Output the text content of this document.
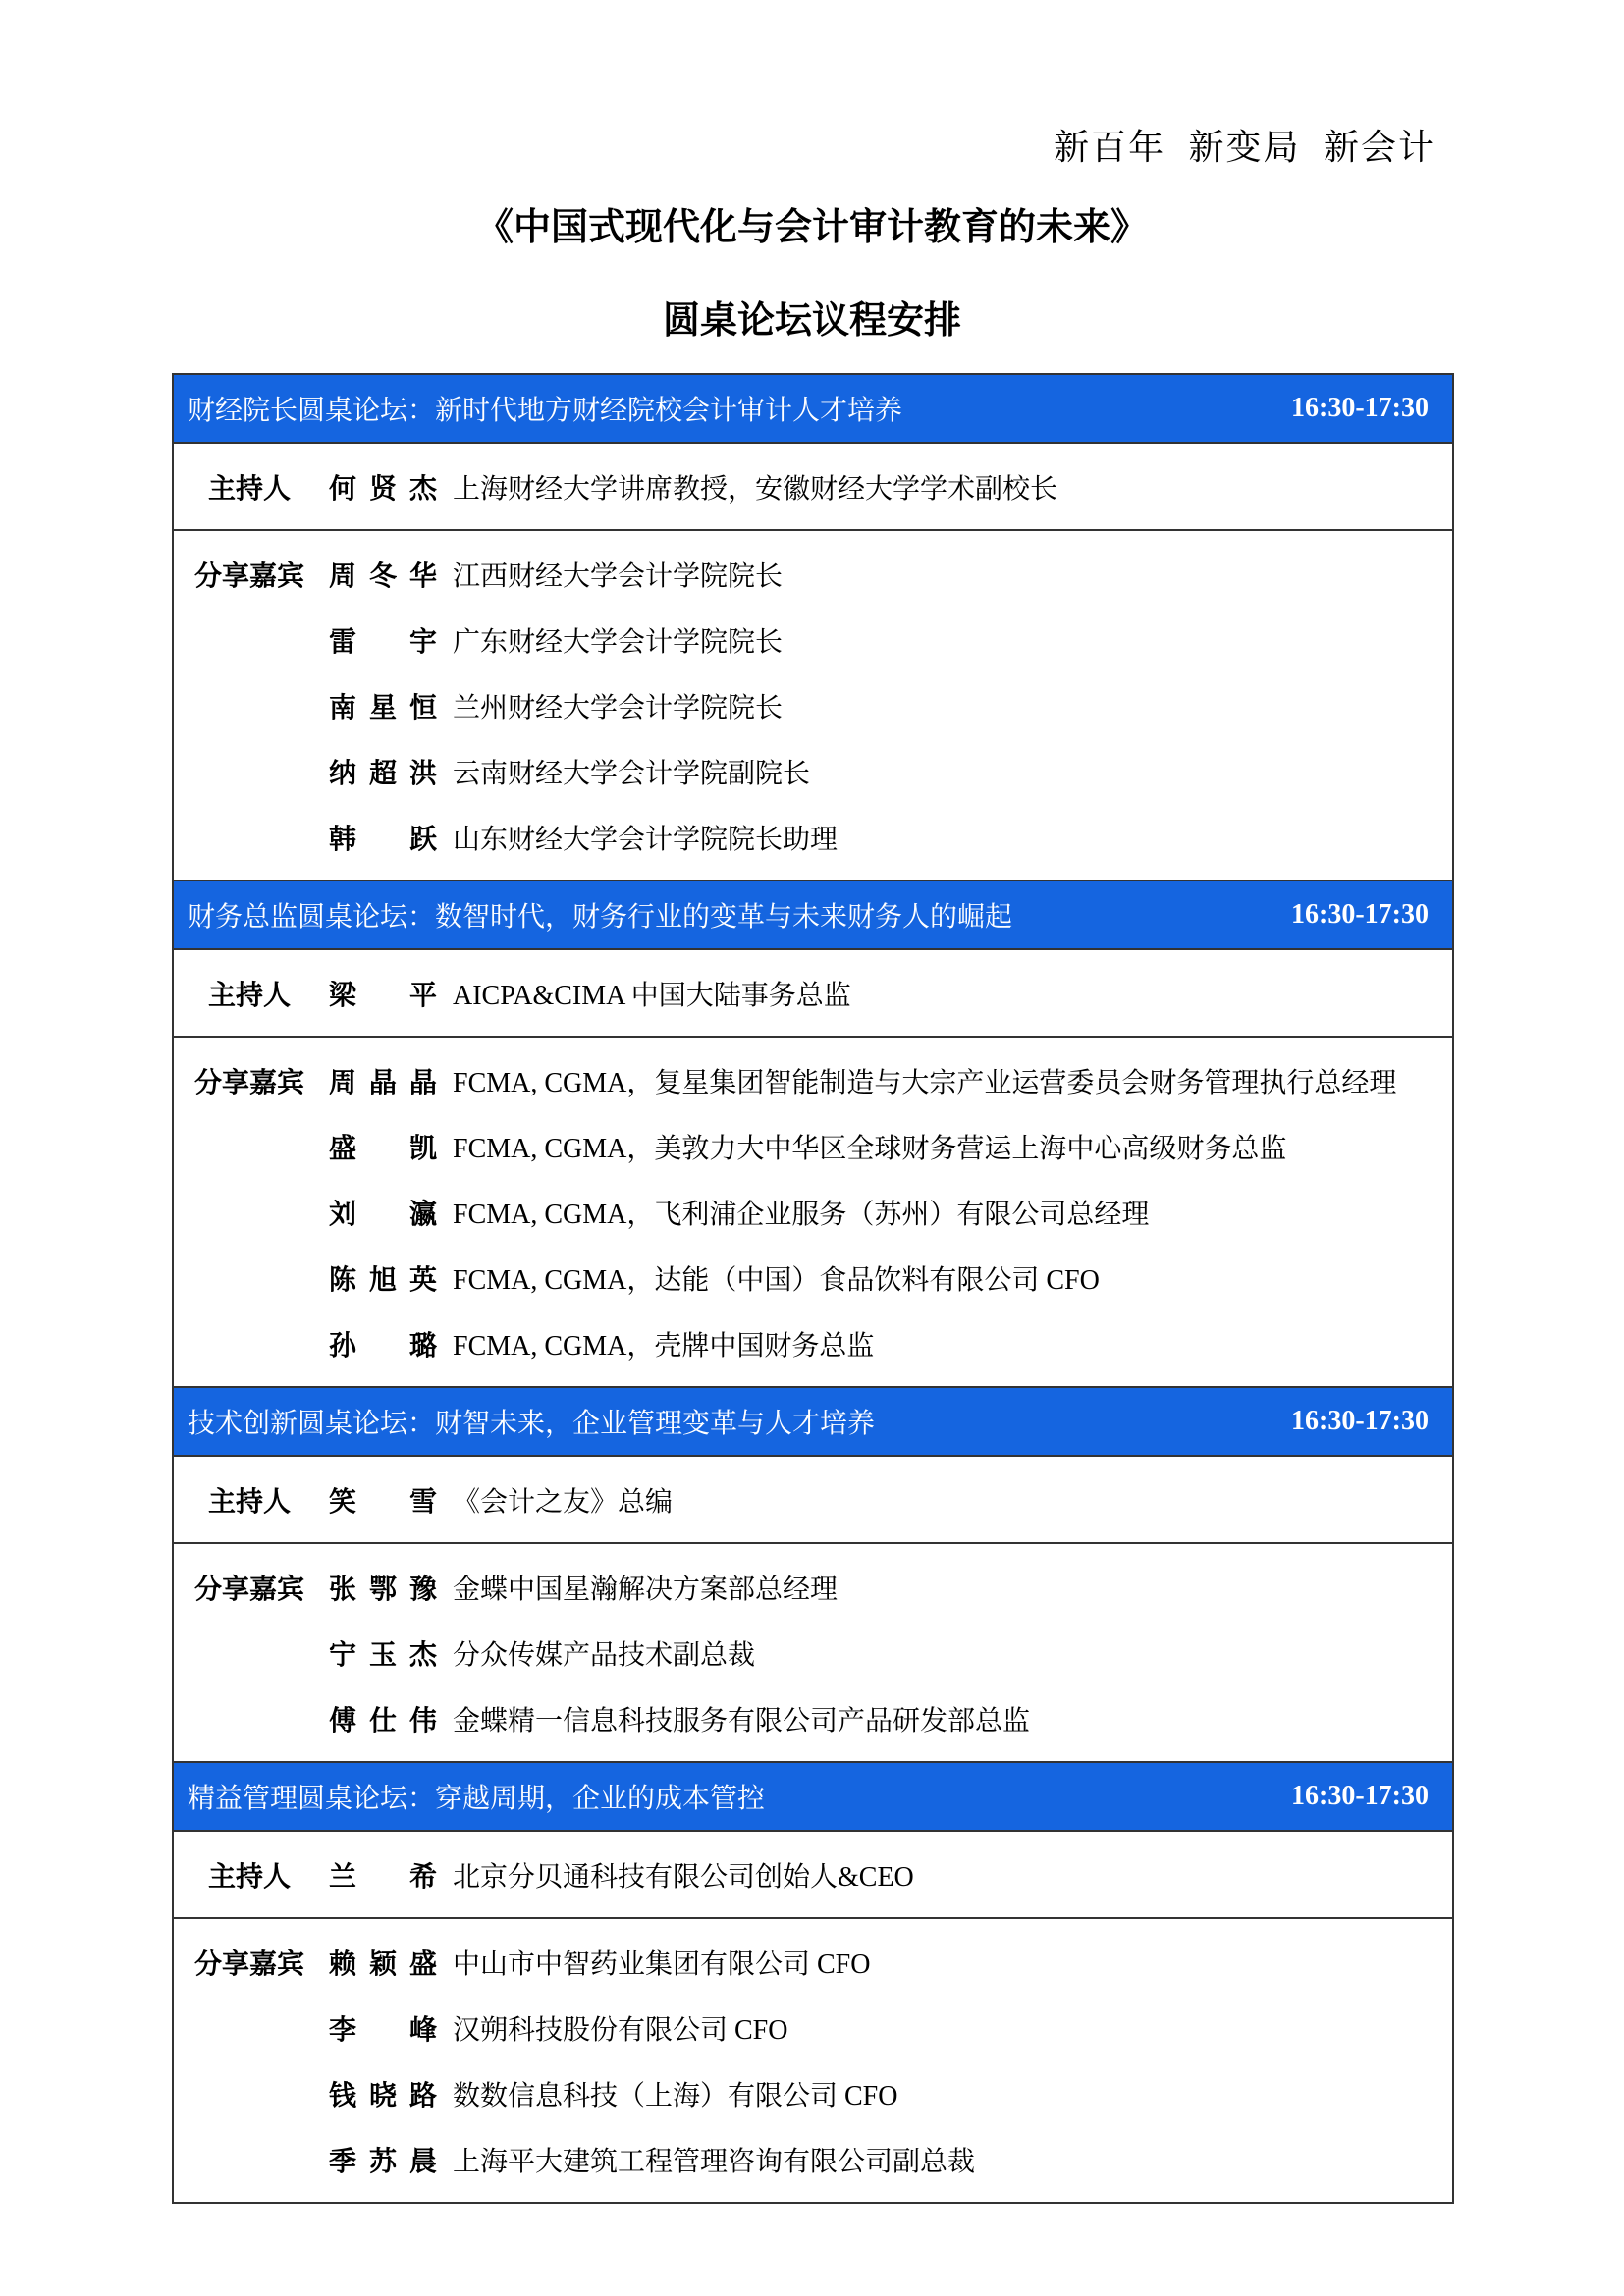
新百年 新变局 新会计
《中国式现代化与会计审计教育的未来》
圆桌论坛议程安排
财经院长圆桌论坛：新时代地方财经院校会计审计人才培养	16:30-17:30
主持人	何贤杰 上海财经大学讲席教授，安徽财经大学学术副校长
分享嘉宾 周冬华 江西财经大学会计学院院长
雷　宇 广东财经大学会计学院院长
南星恒 兰州财经大学会计学院院长
纳超洪 云南财经大学会计学院副院长
韩　跃 山东财经大学会计学院院长助理
财务总监圆桌论坛：数智时代，财务行业的变革与未来财务人的崛起	16:30-17:30
主持人	梁　平 AICPA&CIMA 中国大陆事务总监
分享嘉宾 周晶晶 FCMA, CGMA，复星集团智能制造与大宗产业运营委员会财务管理执行总经理
盛　凯 FCMA, CGMA，美敦力大中华区全球财务营运上海中心高级财务总监
刘　瀛 FCMA, CGMA，飞利浦企业服务（苏州）有限公司总经理
陈旭英 FCMA, CGMA，达能（中国）食品饮料有限公司 CFO
孙　璐 FCMA, CGMA，壳牌中国财务总监
技术创新圆桌论坛：财智未来，企业管理变革与人才培养	16:30-17:30
主持人	笑　雪 《会计之友》总编
分享嘉宾 张鄂豫 金蝶中国星瀚解决方案部总经理
宁玉杰 分众传媒产品技术副总裁
傅仕伟 金蝶精一信息科技服务有限公司产品研发部总监
精益管理圆桌论坛：穿越周期，企业的成本管控	16:30-17:30
主持人	兰　希 北京分贝通科技有限公司创始人&CEO
分享嘉宾 赖颖盛 中山市中智药业集团有限公司 CFO
李　峰 汉朔科技股份有限公司 CFO
钱晓路 数数信息科技（上海）有限公司 CFO
季苏晨 上海平大建筑工程管理咨询有限公司副总裁
